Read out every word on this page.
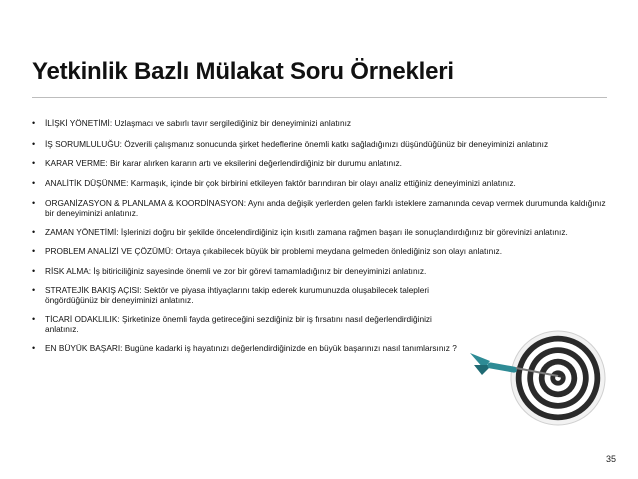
Yetkinlik Bazlı Mülakat Soru Örnekleri
• İLİŞKİ YÖNETİMİ: Uzlaşmacı ve sabırlı tavır sergilediğiniz bir deneyiminizi anlatınız
• İŞ SORUMLULUĞU: Özverili çalışmanız sonucunda şirket hedeflerine önemli katkı sağladığınızı düşündüğünüz bir deneyiminizi anlatınız
• KARAR VERME: Bir karar alırken kararın artı ve eksilerini değerlendirdiğiniz bir durumu anlatınız.
• ANALİTİK DÜŞÜNME: Karmaşık, içinde bir çok birbirini etkileyen faktör barındıran bir olayı analiz ettiğiniz deneyiminizi anlatınız.
• ORGANİZASYON & PLANLAMA & KOORDİNASYON: Aynı anda değişik yerlerden gelen farklı isteklere zamanında cevap vermek durumunda kaldığınız bir deneyiminizi anlatınız.
• ZAMAN YÖNETİMİ: İşlerinizi doğru bir şekilde öncelendirdiğiniz için kısıtlı zamana rağmen başarı ile sonuçlandırdığınız bir görevinizi anlatınız.
• PROBLEM ANALİZİ VE ÇÖZÜMÜ: Ortaya çıkabilecek büyük bir problemi meydana gelmeden önlediğiniz son olayı anlatınız.
• RİSK ALMA: İş bitiriciliğiniz sayesinde önemli ve zor bir görevi tamamladığınız bir deneyiminizi anlatınız.
• STRATEJİK BAKIŞ AÇISI: Sektör ve piyasa ihtiyaçlarını takip ederek kurumunuzda oluşabilecek talepleri öngördüğünüz bir deneyiminizi anlatınız.
• TİCARİ ODAKLILIK: Şirketinize önemli fayda getireceğini sezdiğiniz bir iş fırsatını nasıl değerlendirdiğinizi anlatınız.
• EN BÜYÜK BAŞARI: Bugüne kadarki iş hayatınızı değerlendirdiğinizde en büyük başarınızı nasıl tanımlarsınız ?
35
